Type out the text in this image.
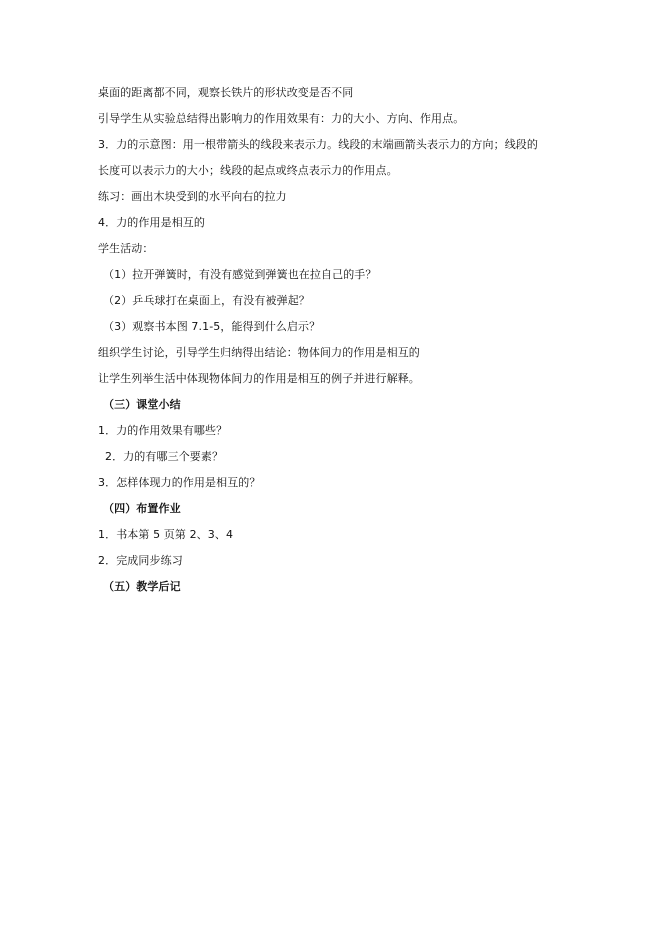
桌面的距离都不同，观察长铁片的形状改变是否不同
引导学生从实验总结得出影响力的作用效果有：力的大小、方向、作用点。
3．力的示意图：用一根带箭头的线段来表示力。线段的末端画箭头表示力的方向；线段的
长度可以表示力的大小；线段的起点或终点表示力的作用点。
练习：画出木块受到的水平向右的拉力
4．力的作用是相互的
学生活动：
（1）拉开弹簧时，有没有感觉到弹簧也在拉自己的手？
（2）乒乓球打在桌面上，有没有被弹起？
（3）观察书本图 7.1-5，能得到什么启示？
组织学生讨论，引导学生归纳得出结论：物体间力的作用是相互的
让学生列举生活中体现物体间力的作用是相互的例子并进行解释。
（三）课堂小结
1．力的作用效果有哪些？
2．力的有哪三个要素？
3．怎样体现力的作用是相互的？
（四）布置作业
1．书本第 5 页第 2、3、4
2．完成同步练习
（五）教学后记
